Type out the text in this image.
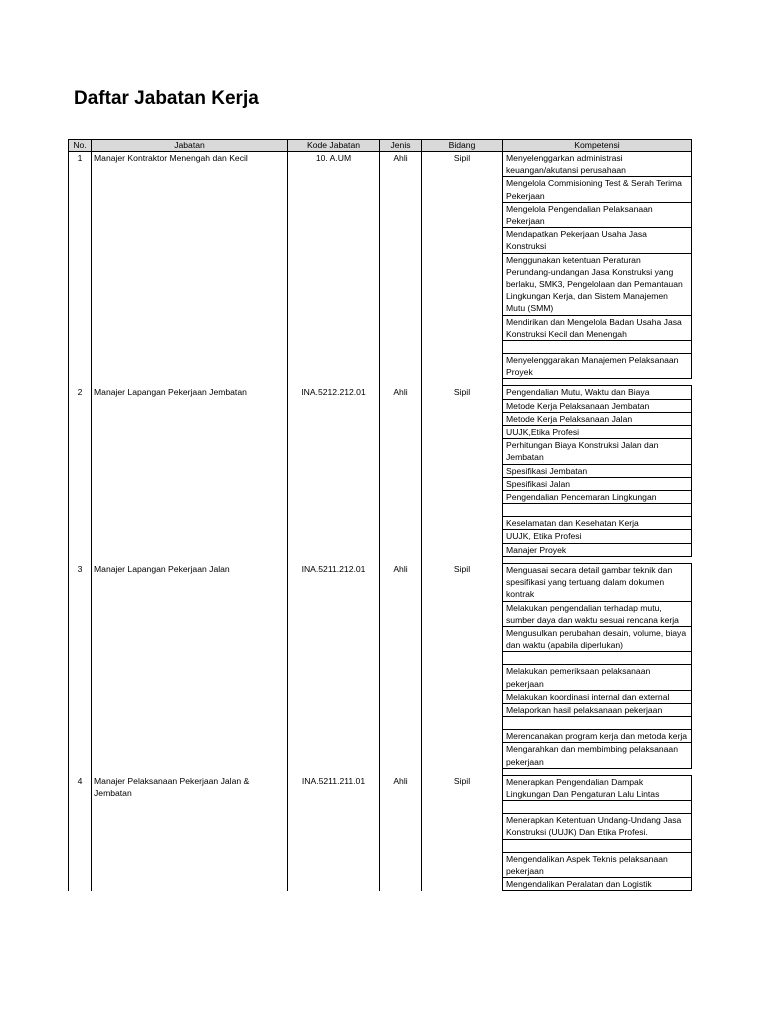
Daftar Jabatan Kerja
No.	Jabatan	Kode Jabatan	Jenis	Bidang	Kompetensi
1	Manajer Kontraktor Menengah dan Kecil	10. A.UM	Ahli	Sipil	Menyelenggarkan administrasi keuangan/akutansi perusahaan
					Mengelola Commisioning Test & Serah Terima Pekerjaan
					Mengelola Pengendalian Pelaksanaan Pekerjaan
					Mendapatkan Pekerjaan Usaha Jasa Konstruksi
					Menggunakan ketentuan Peraturan Perundang-undangan Jasa Konstruksi yang berlaku, SMK3, Pengelolaan dan Pemantauan Lingkungan Kerja, dan Sistem Manajemen Mutu (SMM)
					Mendirikan dan Mengelola Badan Usaha Jasa Konstruksi Kecil dan Menengah

					Menyelenggarakan Manajemen Pelaksanaan Proyek

2	Manajer Lapangan Pekerjaan Jembatan	INA.5212.212.01	Ahli	Sipil	Pengendalian Mutu, Waktu dan Biaya
					Metode Kerja Pelaksanaan Jembatan
					Metode Kerja Pelaksanaan Jalan
					UUJK,Etika Profesi
					Perhitungan Biaya Konstruksi Jalan dan Jembatan
					Spesifikasi Jembatan
					Spesifikasi Jalan
					Pengendalian Pencemaran Lingkungan

					Keselamatan dan Kesehatan Kerja
					UUJK, Etika Profesi
					Manajer Proyek

3	Manajer Lapangan Pekerjaan Jalan	INA.5211.212.01	Ahli	Sipil	Menguasai secara detail gambar teknik dan spesifikasi yang tertuang dalam dokumen kontrak
					Melakukan pengendalian terhadap mutu, sumber daya dan waktu sesuai rencana kerja
					Mengusulkan perubahan desain, volume, biaya dan waktu (apabila diperlukan)

					Melakukan pemeriksaan pelaksanaan pekerjaan
					Melakukan koordinasi internal dan external
					Melaporkan hasil pelaksanaan pekerjaan

					Merencanakan program kerja dan metoda kerja
					Mengarahkan dan membimbing pelaksanaan pekerjaan

4	Manajer Pelaksanaan Pekerjaan Jalan & Jembatan	INA.5211.211.01	Ahli	Sipil	Menerapkan Pengendalian Dampak Lingkungan Dan Pengaturan Lalu Lintas

					Menerapkan Ketentuan Undang-Undang Jasa Konstruksi (UUJK) Dan Etika Profesi.

					Mengendalikan Aspek Teknis pelaksanaan pekerjaan
					Mengendalikan Peralatan dan Logistik
